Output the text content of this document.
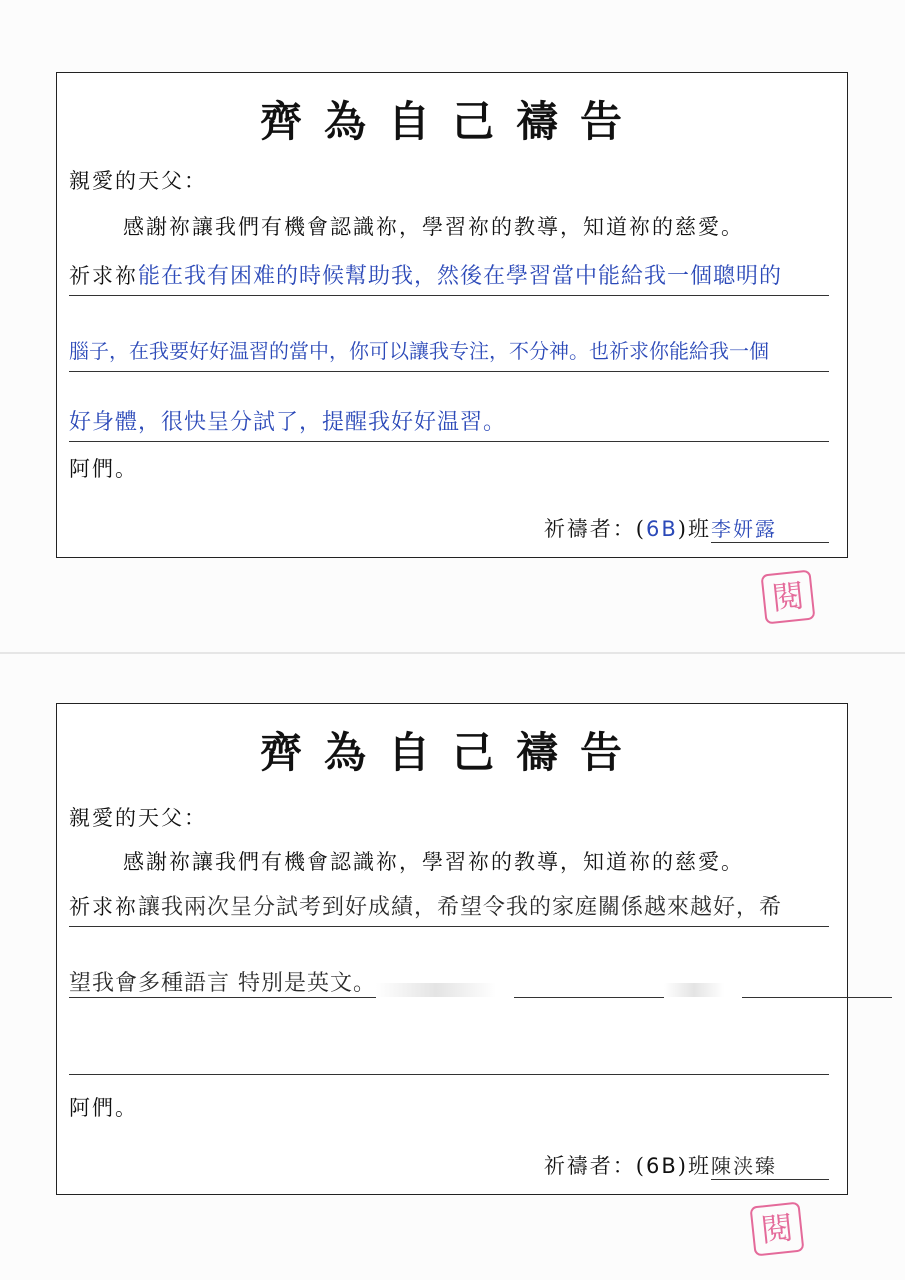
齊為自己禱告
親愛的天父：
感謝祢讓我們有機會認識祢，學習祢的教導，知道祢的慈愛。
祈求祢能在我有困难的時候幫助我，然後在學習當中能給我一個聰明的
腦子，在我要好好温習的當中，你可以讓我专注，不分神。也祈求你能給我一個
好身體，很快呈分試了，提醒我好好温習。
阿們。
祈禱者：(6B)班李妍露
閱
齊為自己禱告
親愛的天父：
感謝祢讓我們有機會認識祢，學習祢的教導，知道祢的慈愛。
祈求祢讓我兩次呈分試考到好成績，希望令我的家庭關係越來越好，希
望我會多種語言 特別是英文。
阿們。
祈禱者：(6B)班陳浃臻
閱
